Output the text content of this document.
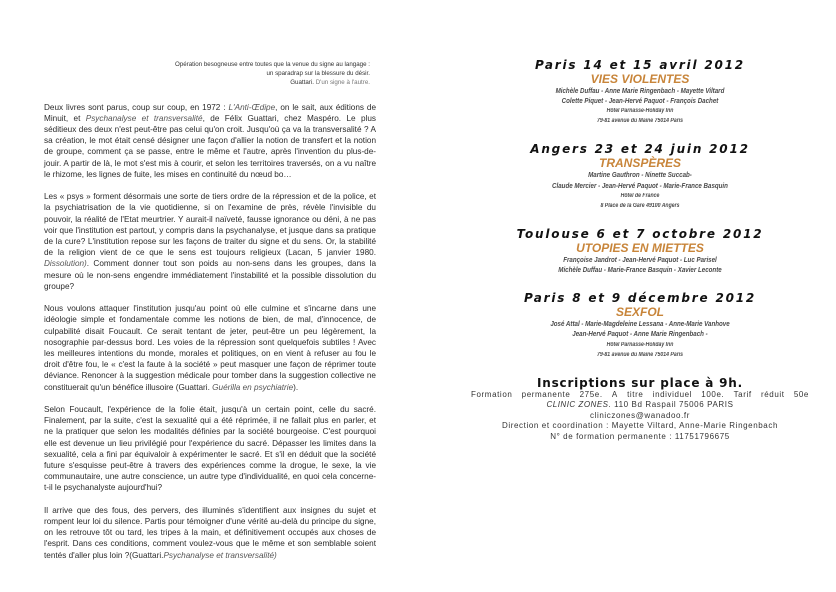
Opération besogneuse entre toutes que la venue du signe au langage :
un sparadrap sur la blessure du désir.
Guattari. D'un signe à l'autre.

Deux livres sont parus, coup sur coup, en 1972 : L'Anti-Œdipe, on le sait, aux éditions de Minuit, et Psychanalyse et transversalité, de Félix Guattari, chez Maspéro. Le plus séditieux des deux n'est peut-être pas celui qu'on croit. Jusqu'où ça va la transversalité ? A sa création, le mot était censé désigner une façon d'allier la notion de transfert et la notion de groupe, comment ça se passe, entre le même et l'autre, après l'invention du plus-de-jouir. A partir de là, le mot s'est mis à courir, et selon les territoires traversés, on a vu naître le rhizome, les lignes de fuite, les mises en continuité du nœud bo…

Les « psys » forment désormais une sorte de tiers ordre de la répression et de la police, et la psychiatrisation de la vie quotidienne, si on l'examine de près, révèle l'invisible du pouvoir, la réalité de l'Etat meurtrier. Y aurait-il naïveté, fausse ignorance ou déni, à ne pas voir que l'institution est partout, y compris dans la psychanalyse, et jusque dans sa pratique de la cure? L'institution repose sur les façons de traiter du signe et du sens. Or, la stabilité de la religion vient de ce que le sens est toujours religieux (Lacan, 5 janvier 1980. Dissolution). Comment donner tout son poids au non-sens dans les groupes, dans la mesure où le non-sens engendre immédiatement l'instabilité et la possible dissolution du groupe?

Nous voulons attaquer l'institution jusqu'au point où elle culmine et s'incarne dans une idéologie simple et fondamentale comme les notions de bien, de mal, d'innocence, de culpabilité disait Foucault. Ce serait tentant de jeter, peut-être un peu légèrement, la nosographie par-dessus bord. Les voies de la répression sont quelquefois subtiles ! Avec les meilleures intentions du monde, morales et politiques, on en vient à refuser au fou le droit d'être fou, le « c'est la faute à la société » peut masquer une façon de réprimer toute déviance. Renoncer à la suggestion médicale pour tomber dans la suggestion collective ne constituerait qu'un bénéfice illusoire (Guattari. Guérilla en psychiatrie).

Selon Foucault, l'expérience de la folie était, jusqu'à un certain point, celle du sacré. Finalement, par la suite, c'est la sexualité qui a été réprimée, il ne fallait plus en parler, et ne la pratiquer que selon les modalités définies par la société bourgeoise. C'est pourquoi elle est devenue un lieu privilégié pour l'expérience du sacré. Dépasser les limites dans la sexualité, cela a fini par équivaloir à expérimenter le sacré. Et s'il en déduit que la société future s'esquisse peut-être à travers des expériences comme la drogue, le sexe, la vie communautaire, une autre conscience, un autre type d'individualité, en quoi cela concerne-t-il le psychanalyste aujourd'hui?

Il arrive que des fous, des pervers, des illuminés s'identifient aux insignes du sujet et rompent leur loi du silence. Partis pour témoigner d'une vérité au-delà du principe du signe, on les retrouve tôt ou tard, les tripes à la main, et définitivement occupés aux choses de l'esprit. Dans ces conditions, comment voulez-vous que le même et son semblable soient tentés d'aller plus loin ?(Guattari.Psychanalyse et transversalité)

Paris 14 et 15 avril 2012
VIES VIOLENTES
Michèle Duffau - Anne Marie Ringenbach - Mayette Viltard
Colette Piquet - Jean-Hervé Paquot - François Dachet
Hôtel Parnasse-Holiday Inn
79-81 avenue du Maine 75014 Paris
Angers 23 et 24 juin 2012
TRANSPÈRES
Martine Gauthron - Ninette Succab-
Claude Mercier - Jean-Hervé Paquot - Marie-France Basquin
Hôtel de France
8 Place de la Gare 49100 Angers
Toulouse 6 et 7 octobre 2012
UTOPIES EN MIETTES
Françoise Jandrot - Jean-Hervé Paquot - Luc Parisel
Michèle Duffau - Marie-France Basquin - Xavier Leconte
Paris 8 et 9 décembre 2012
SEXFOL
José Attal - Marie-Magdeleine Lessana - Anne-Marie Vanhove
Jean-Hervé Paquot - Anne Marie Ringenbach -
Hôtel Parnasse-Holiday Inn
79-81 avenue du Maine 75014 Paris
Inscriptions sur place à 9h.
Formation permanente 275e. A titre individuel 100e. Tarif réduit 50e
CLINIC ZONES. 110 Bd Raspail 75006 PARIS
cliniczones@wanadoo.fr
Direction et coordination : Mayette Viltard, Anne-Marie Ringenbach
N° de formation permanente : 11751796675
